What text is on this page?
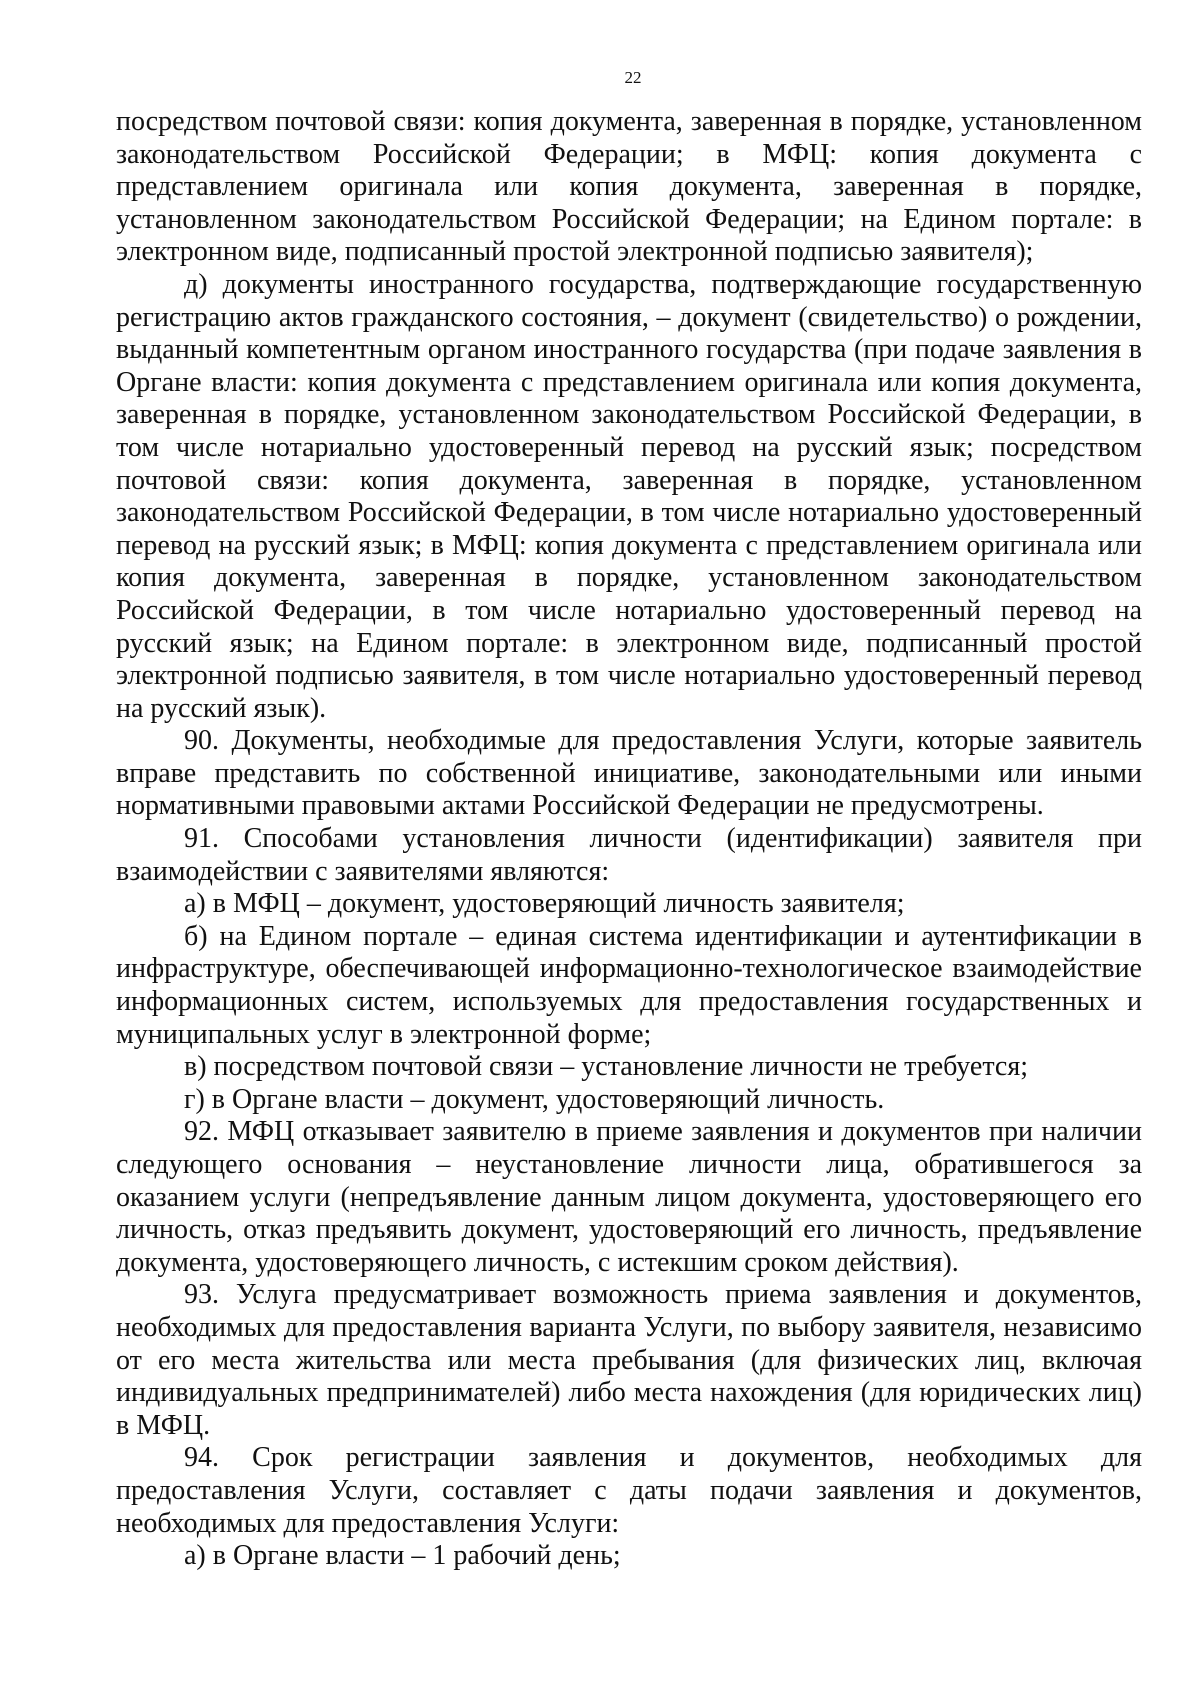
22

посредством почтовой связи: копия документа, заверенная в порядке, установленном законодательством Российской Федерации; в МФЦ: копия документа с представлением оригинала или копия документа, заверенная в порядке, установленном законодательством Российской Федерации; на Едином портале: в электронном виде, подписанный простой электронной подписью заявителя);

д) документы иностранного государства, подтверждающие государственную регистрацию актов гражданского состояния, – документ (свидетельство) о рождении, выданный компетентным органом иностранного государства (при подаче заявления в Органе власти: копия документа с представлением оригинала или копия документа, заверенная в порядке, установленном законодательством Российской Федерации, в том числе нотариально удостоверенный перевод на русский язык; посредством почтовой связи: копия документа, заверенная в порядке, установленном законодательством Российской Федерации, в том числе нотариально удостоверенный перевод на русский язык; в МФЦ: копия документа с представлением оригинала или копия документа, заверенная в порядке, установленном законодательством Российской Федерации, в том числе нотариально удостоверенный перевод на русский язык; на Едином портале: в электронном виде, подписанный простой электронной подписью заявителя, в том числе нотариально удостоверенный перевод на русский язык).

90. Документы, необходимые для предоставления Услуги, которые заявитель вправе представить по собственной инициативе, законодательными или иными нормативными правовыми актами Российской Федерации не предусмотрены.

91. Способами установления личности (идентификации) заявителя при взаимодействии с заявителями являются:

а) в МФЦ – документ, удостоверяющий личность заявителя;

б) на Едином портале – единая система идентификации и аутентификации в инфраструктуре, обеспечивающей информационно-технологическое взаимодействие информационных систем, используемых для предоставления государственных и муниципальных услуг в электронной форме;

в) посредством почтовой связи – установление личности не требуется;

г) в Органе власти – документ, удостоверяющий личность.

92. МФЦ отказывает заявителю в приеме заявления и документов при наличии следующего основания – неустановление личности лица, обратившегося за оказанием услуги (непредъявление данным лицом документа, удостоверяющего его личность, отказ предъявить документ, удостоверяющий его личность, предъявление документа, удостоверяющего личность, с истекшим сроком действия).

93. Услуга предусматривает возможность приема заявления и документов, необходимых для предоставления варианта Услуги, по выбору заявителя, независимо от его места жительства или места пребывания (для физических лиц, включая индивидуальных предпринимателей) либо места нахождения (для юридических лиц) в МФЦ.

94. Срок регистрации заявления и документов, необходимых для предоставления Услуги, составляет с даты подачи заявления и документов, необходимых для предоставления Услуги:

а) в Органе власти – 1 рабочий день;
